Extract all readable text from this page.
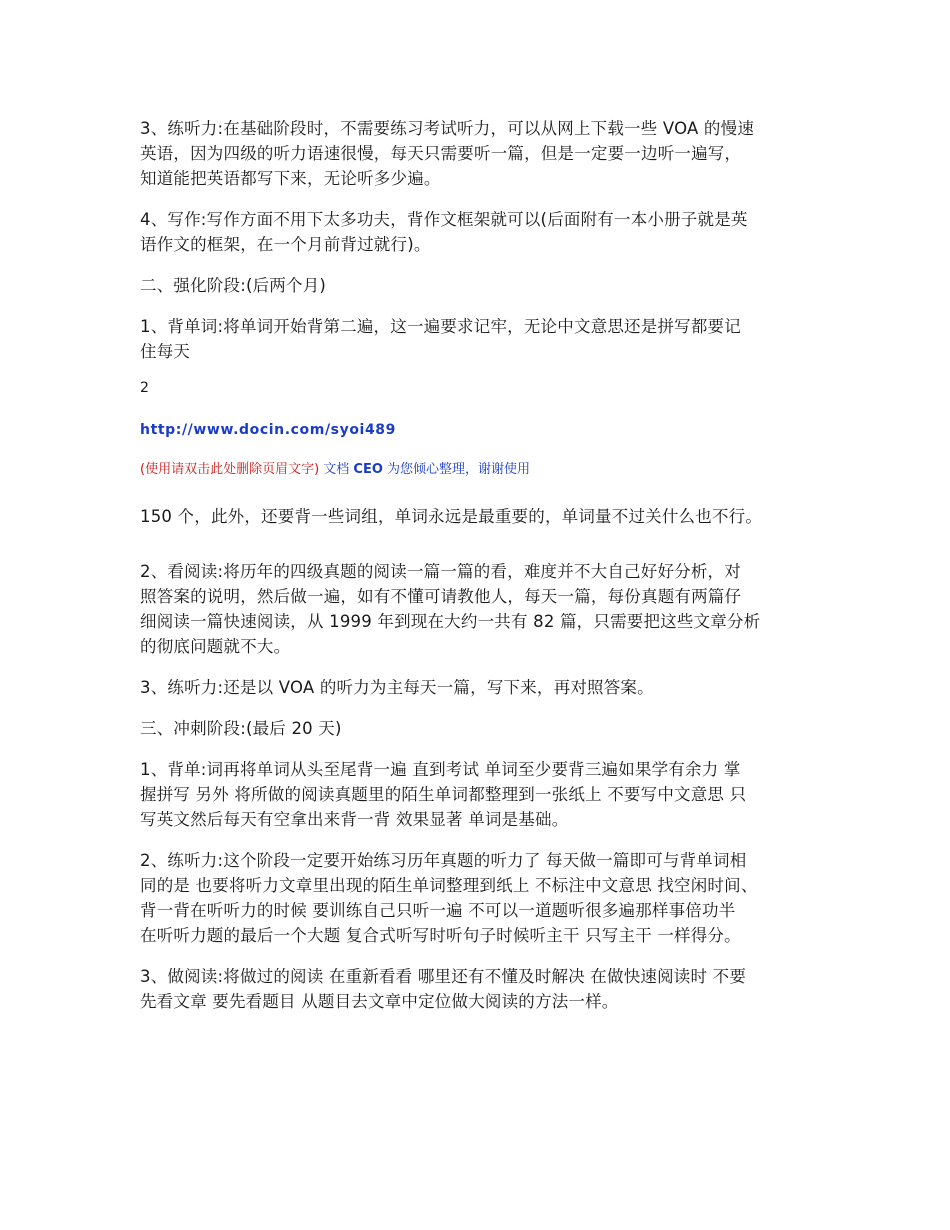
3、练听力:在基础阶段时，不需要练习考试听力，可以从网上下载一些 VOA 的慢速
英语，因为四级的听力语速很慢，每天只需要听一篇，但是一定要一边听一遍写，
知道能把英语都写下来，无论听多少遍。
4、写作:写作方面不用下太多功夫，背作文框架就可以(后面附有一本小册子就是英
语作文的框架，在一个月前背过就行)。
二、强化阶段:(后两个月)
1、背单词:将单词开始背第二遍，这一遍要求记牢，无论中文意思还是拼写都要记
住每天
2
http://www.docin.com/syoi489
(使用请双击此处删除页眉文字) 文档 CEO 为您倾心整理，谢谢使用
150 个，此外，还要背一些词组，单词永远是最重要的，单词量不过关什么也不行。
2、看阅读:将历年的四级真题的阅读一篇一篇的看，难度并不大自己好好分析，对
照答案的说明，然后做一遍，如有不懂可请教他人，每天一篇，每份真题有两篇仔
细阅读一篇快速阅读，从 1999 年到现在大约一共有 82 篇，只需要把这些文章分析
的彻底问题就不大。
3、练听力:还是以 VOA 的听力为主每天一篇，写下来，再对照答案。
三、冲刺阶段:(最后 20 天)
1、背单:词再将单词从头至尾背一遍 直到考试 单词至少要背三遍如果学有余力 掌
握拼写 另外 将所做的阅读真题里的陌生单词都整理到一张纸上 不要写中文意思 只
写英文然后每天有空拿出来背一背 效果显著 单词是基础。
2、练听力:这个阶段一定要开始练习历年真题的听力了 每天做一篇即可与背单词相
同的是 也要将听力文章里出现的陌生单词整理到纸上 不标注中文意思 找空闲时间、
背一背在听听力的时候 要训练自己只听一遍 不可以一道题听很多遍那样事倍功半
在听听力题的最后一个大题 复合式听写时听句子时候听主干 只写主干 一样得分。
3、做阅读:将做过的阅读 在重新看看 哪里还有不懂及时解决 在做快速阅读时 不要
先看文章 要先看题目 从题目去文章中定位做大阅读的方法一样。
